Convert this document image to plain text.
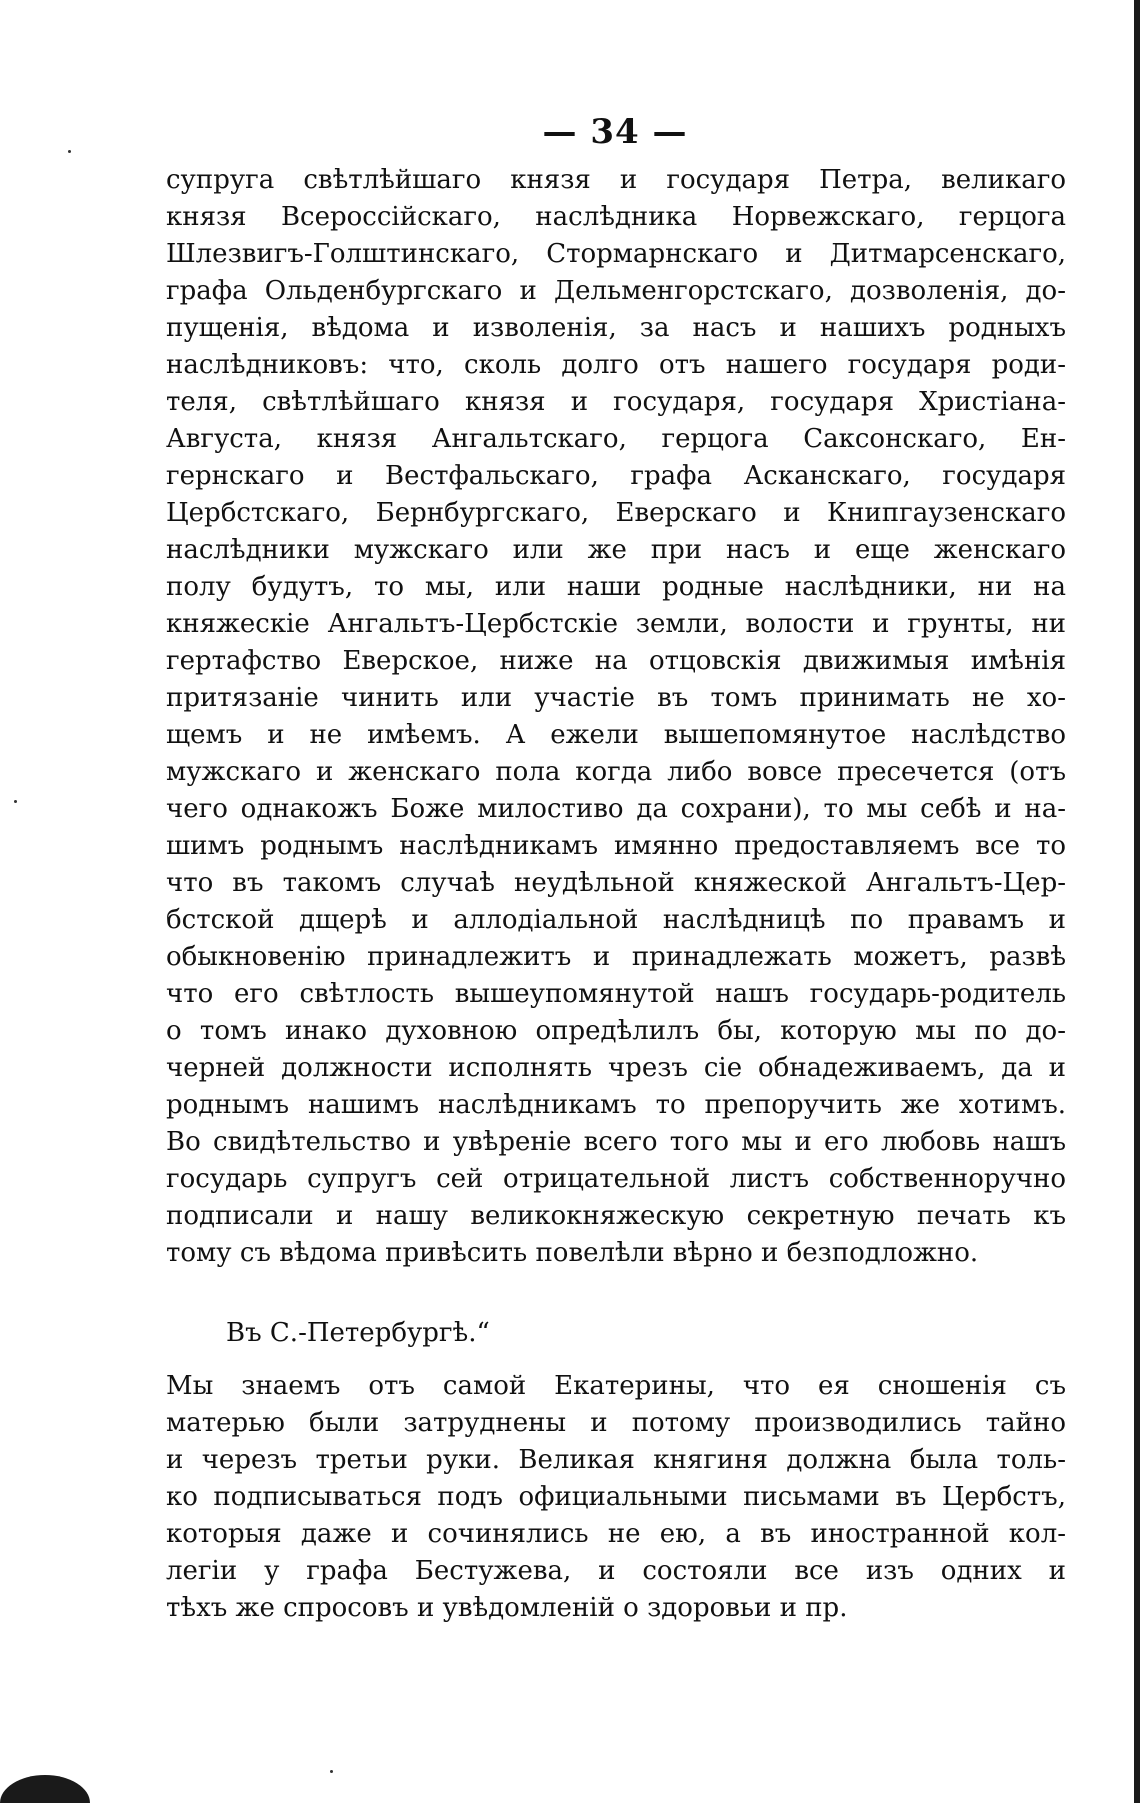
— 34 —
супруга свѣтлѣйшаго князя и государя Петра, великаго
князя Всероссійскаго, наслѣдника Норвежскаго, герцога
Шлезвигъ-Голштинскаго, Стормарнскаго и Дитмарсенскаго,
графа Ольденбургскаго и Дельменгорстскаго, дозволенія, до-
пущенія, вѣдома и изволенія, за насъ и нашихъ родныхъ
наслѣдниковъ: что, сколь долго отъ нашего государя роди-
теля, свѣтлѣйшаго князя и государя, государя Христіана-
Августа, князя Ангальтскаго, герцога Саксонскаго, Ен-
гернскаго и Вестфальскаго, графа Асканскаго, государя
Цербстскаго, Бернбургскаго, Еверскаго и Книпгаузенскаго
наслѣдники мужскаго или же при насъ и еще женскаго
полу будутъ, то мы, или наши родные наслѣдники, ни на
княжескіе Ангальтъ-Цербстскіе земли, волости и грунты, ни
гертафство Еверское, ниже на отцовскія движимыя имѣнія
притязаніе чинить или участіе въ томъ принимать не хо-
щемъ и не имѣемъ. А ежели вышепомянутое наслѣдство
мужскаго и женскаго пола когда либо вовсе пресечется (отъ
чего однакожъ Боже милостиво да сохрани), то мы себѣ и на-
шимъ роднымъ наслѣдникамъ имянно предоставляемъ все то
что въ такомъ случаѣ неудѣльной княжеской Ангальтъ-Цер-
бстской дщерѣ и аллодіальной наслѣдницѣ по правамъ и
обыкновенію принадлежитъ и принадлежать можетъ, развѣ
что его свѣтлость вышеупомянутой нашъ государь-родитель
о томъ инако духовною опредѣлилъ бы, которую мы по до-
черней должности исполнять чрезъ сіе обнадеживаемъ, да и
роднымъ нашимъ наслѣдникамъ то препоручить же хотимъ.
Во свидѣтельство и увѣреніе всего того мы и его любовь нашъ
государь супругъ сей отрицательной листъ собственноручно
подписали и нашу великокняжескую секретную печать къ
тому съ вѣдома привѣсить повелѣли вѣрно и безподложно.
Въ С.-Петербургѣ.“
Мы знаемъ отъ самой Екатерины, что ея сношенія съ
матерью были затруднены и потому производились тайно
и черезъ третьи руки. Великая княгиня должна была толь-
ко подписываться подъ официальными письмами въ Цербстъ,
которыя даже и сочинялись не ею, а въ иностранной кол-
легіи у графа Бестужева, и состояли все изъ одних и
тѣхъ же спросовъ и увѣдомленій о здоровьи и пр.
